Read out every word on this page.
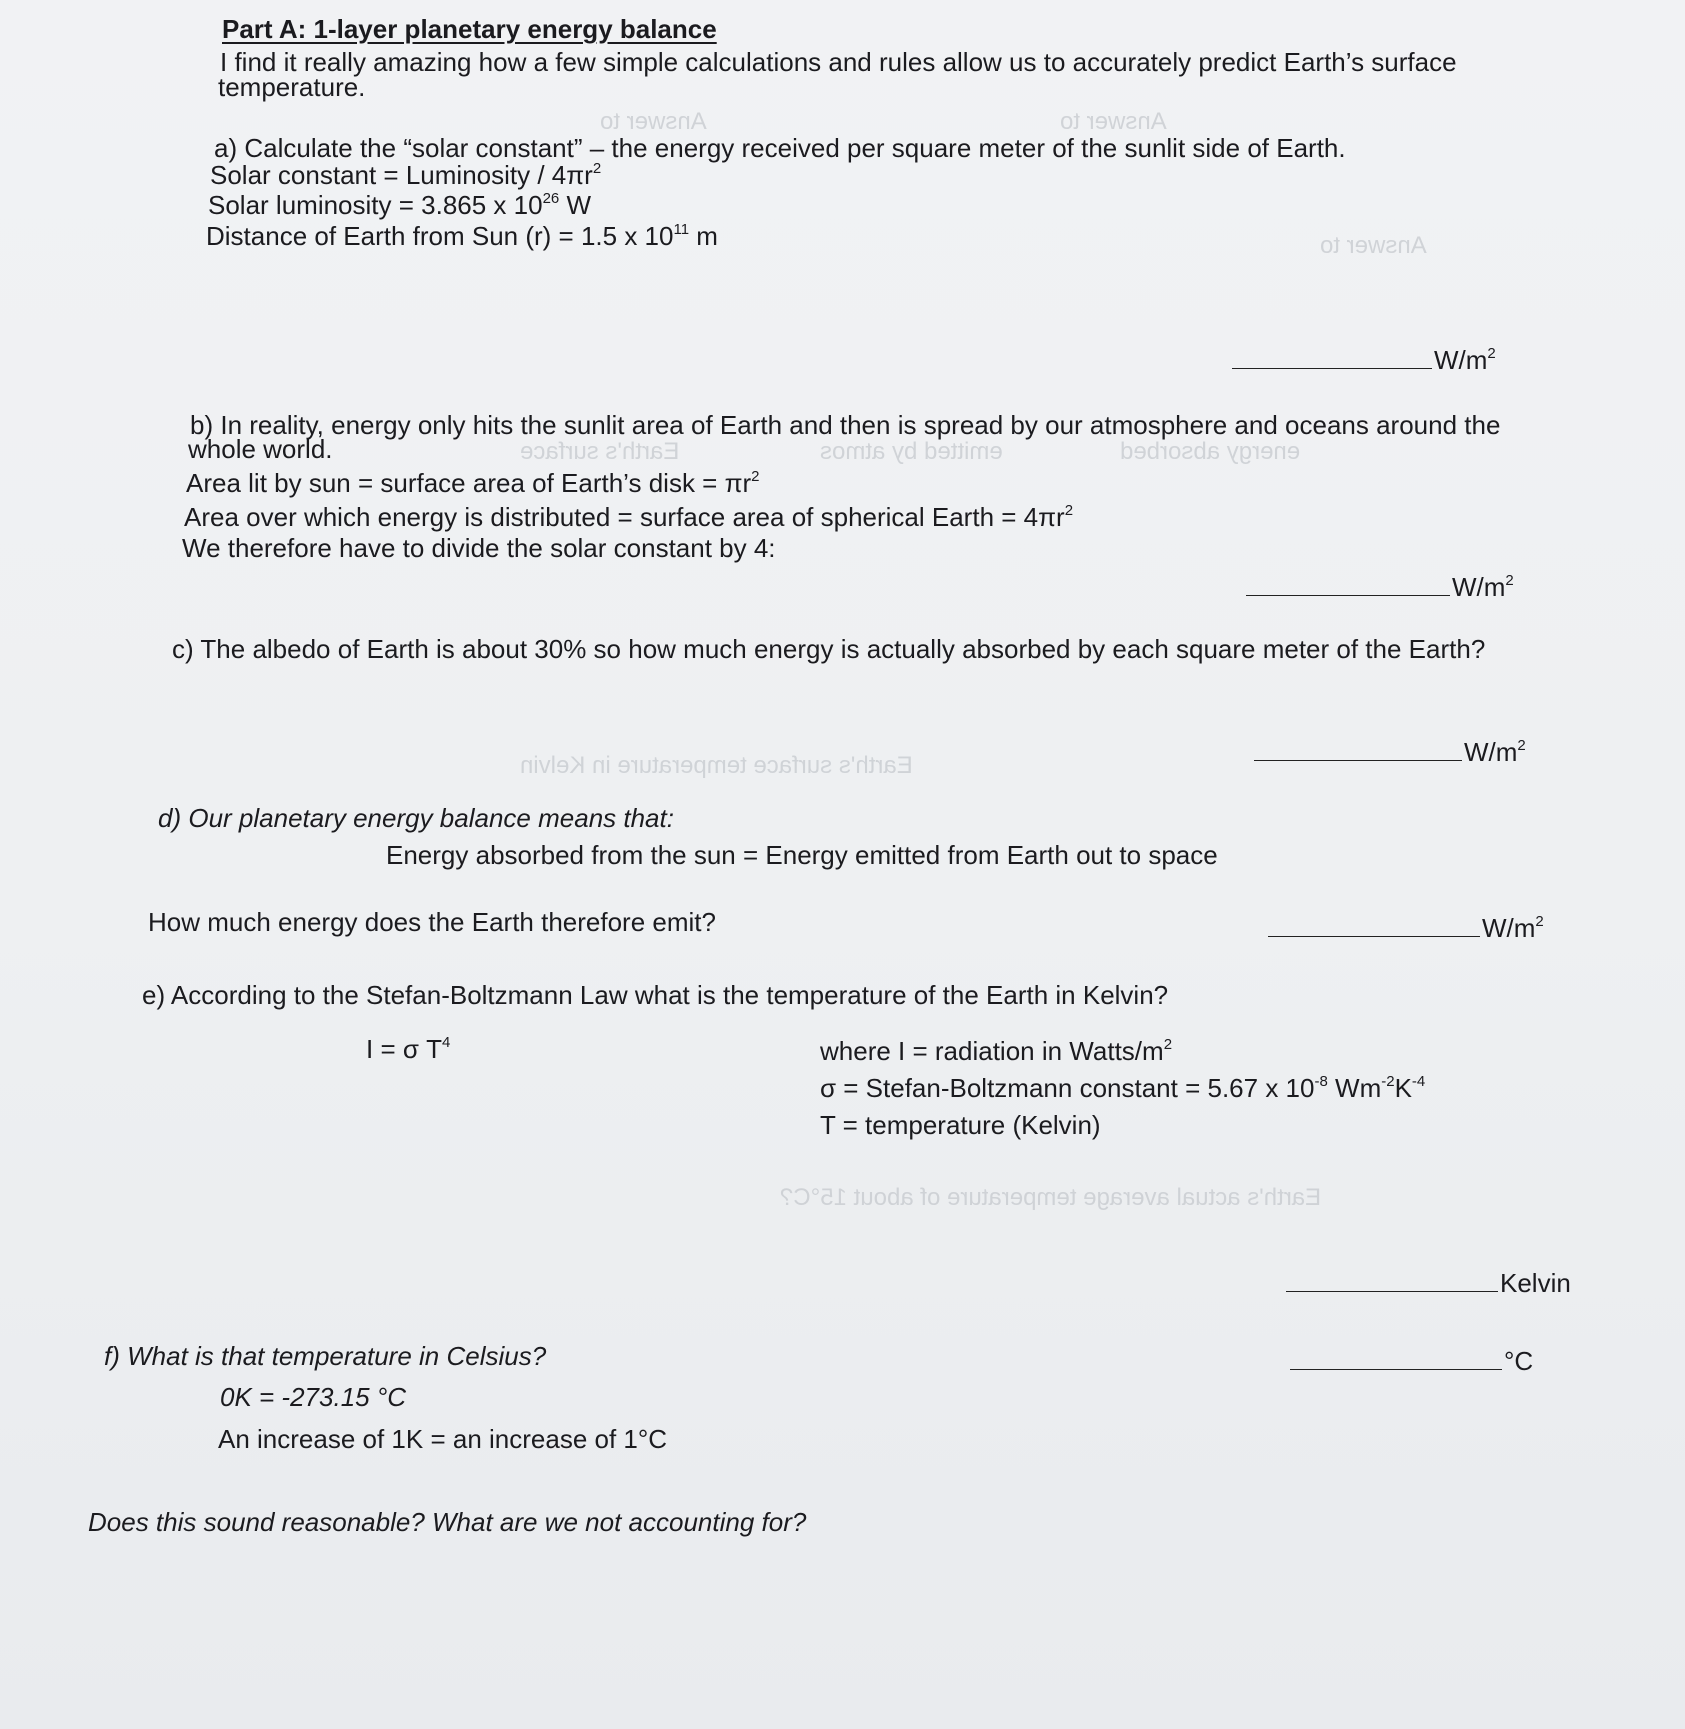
Answer to	Answer to
Answer to
Earth's surface	emitted by atmos	energy absorbed
Earth's surface temperature in Kelvin
Earth's actual average temperature of about 15°C?
Part A: 1-layer planetary energy balance
I find it really amazing how a few simple calculations and rules allow us to accurately predict Earth’s surface
temperature.
a) Calculate the “solar constant” – the energy received per square meter of the sunlit side of Earth.
Solar constant = Luminosity / $4\pi r^2$
Solar luminosity = 3.865 x $10^{26}$ W
Distance of Earth from Sun (r) = 1.5 x $10^{11}$ m
$W/m^2$
b) In reality, energy only hits the sunlit area of Earth and then is spread by our atmosphere and oceans around the
whole world.
Area lit by sun = surface area of Earth’s disk = $\pi r^2$
Area over which energy is distributed = surface area of spherical Earth = $4\pi r^2$
We therefore have to divide the solar constant by 4:
$W/m^2$
c) The albedo of Earth is about 30% so how much energy is actually absorbed by each square meter of the Earth?
$W/m^2$
d) Our planetary energy balance means that:
Energy absorbed from the sun = Energy emitted from Earth out to space
How much energy does the Earth therefore emit?	$W/m^2$
e) According to the Stefan-Boltzmann Law what is the temperature of the Earth in Kelvin?
I = σ $T^4$	where I = radiation in Watts/$m^2$
σ = Stefan-Boltzmann constant = 5.67 x $10^{-8}$ $Wm^{-2}K^{-4}$
T = temperature (Kelvin)
Kelvin
f) What is that temperature in Celsius?	°C
0K = -273.15 °C
An increase of 1K = an increase of 1°C
Does this sound reasonable? What are we not accounting for?
